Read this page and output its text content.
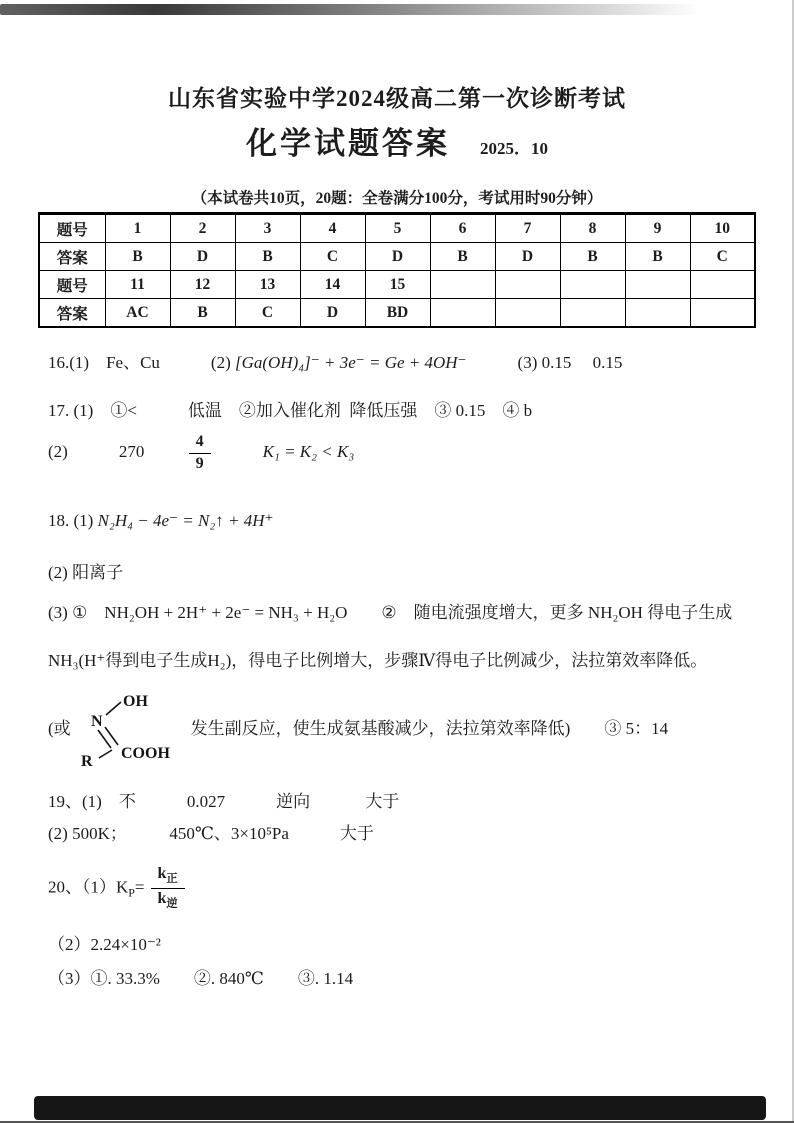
山东省实验中学2024级高二第一次诊断考试
化学试题答案 2025．10
（本试卷共10页，20题：全卷满分100分，考试用时90分钟）
题号	1	2	3	4	5	6	7	8	9	10
答案	B	D	B	C	D	B	D	B	B	C
题号	11	12	13	14	15					
答案	AC	B	C	D	BD					
16.(1)　Fe、Cu　　　(2) [Ga(OH)₄]⁻ + 3e⁻ = Ge + 4OH⁻　　　(3) 0.15　 0.15
17. (1)　①<　　　低温　②加入催化剂  降低压强　③ 0.15　④ b
(2)　　　270　　 $\frac{4}{9}$	K₁ = K₂ < K₃
18. (1) N₂H₄ − 4e⁻ = N₂↑ + 4H⁺
(2) 阳离子
(3) ①　NH₂OH + 2H⁺ + 2e⁻ = NH₃ + H₂O　　②　随电流强度增大，更多 NH₂OH 得电子生成
NH₃(H⁺得到电子生成H₂)，得电子比例增大，步骤Ⅳ得电子比例减少，法拉第效率降低。
(或
OH
N
R COOH
发生副反应，使生成氨基酸减少，法拉第效率降低)　　③ 5：14
19、(1)　不　　　0.027　　　逆向　　　 大于
(2) 500K；　　　450℃、3×10⁵Pa　　　大于
20、$(1)K_P= \frac{k_正}{k_逆}$
（2）2.24×10⁻²
（3）①. 33.3%　　②. 840℃　　③. 1.14
